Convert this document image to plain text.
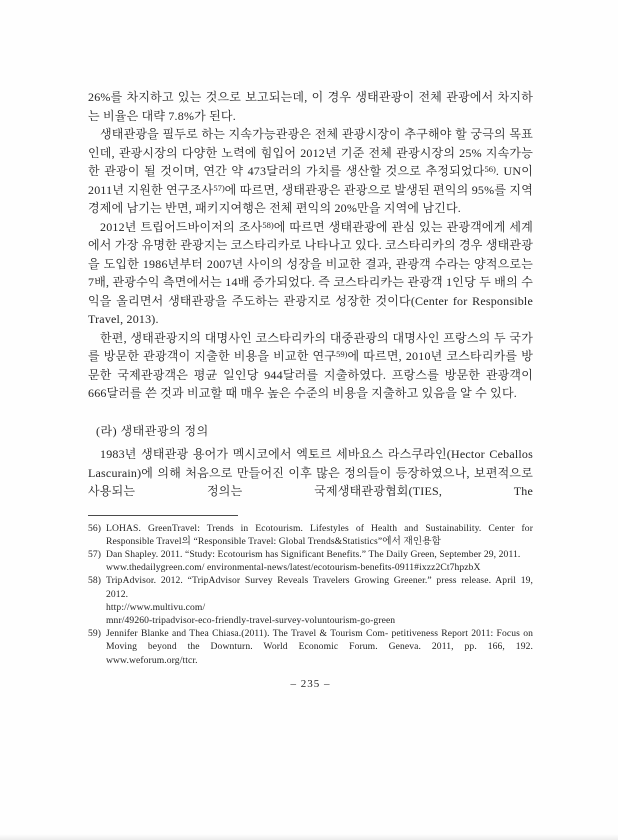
26%를 차지하고 있는 것으로 보고되는데, 이 경우 생태관광이 전체 관광에서 차지하는 비율은 대략 7.8%가 된다.

생태관광을 필두로 하는 지속가능관광은 전체 관광시장이 추구해야 할 궁극의 목표인데, 관광시장의 다양한 노력에 힘입어 2012년 기준 전체 관광시장의 25% 지속가능한 관광이 될 것이며, 연간 약 473달러의 가치를 생산할 것으로 추정되었다$^{56)}$. UN이 2011년 지원한 연구조사$^{57)}$에 따르면, 생태관광은 관광으로 발생된 편익의 95%를 지역경제에 남기는 반면, 패키지여행은 전체 편익의 20%만을 지역에 남긴다.

2012년 트립어드바이저의 조사$^{58)}$에 따르면 생태관광에 관심 있는 관광객에게 세계에서 가장 유명한 관광지는 코스타리카로 나타나고 있다. 코스타리카의 경우 생태관광을 도입한 1986년부터 2007년 사이의 성장을 비교한 결과, 관광객 수라는 양적으로는 7배, 관광수익 측면에서는 14배 증가되었다. 즉 코스타리카는 관광객 1인당 두 배의 수익을 올리면서 생태관광을 주도하는 관광지로 성장한 것이다(Center for Responsible Travel, 2013).

한편, 생태관광지의 대명사인 코스타리카의 대중관광의 대명사인 프랑스의 두 국가를 방문한 관광객이 지출한 비용을 비교한 연구$^{59)}$에 따르면, 2010년 코스타리카를 방문한 국제관광객은 평균 일인당 944달러를 지출하였다. 프랑스를 방문한 관광객이 666달러를 쓴 것과 비교할 때 매우 높은 수준의 비용을 지출하고 있음을 알 수 있다.

(라) 생태관광의 정의

1983년 생태관광 용어가 멕시코에서 엑토르 세바요스 라스쿠라인(Hector Ceballos Lascurain)에 의해 처음으로 만들어진 이후 많은 정의들이 등장하였으나, 보편적으로 사용되는 정의는 국제생태관광협회(TIES, The

56) LOHAS. GreenTravel: Trends in Ecotourism. Lifestyles of Health and Sustainability. Center for Responsible Travel의 “Responsible Travel: Global Trends&Statistics”에서 재인용함
57) Dan Shapley. 2011. “Study: Ecotourism has Significant Benefits.” The Daily Green, September 29, 2011.
www.thedailygreen.com/ environmental-news/latest/ecotourism-benefits-0911#ixzz2Ct7hpzbX
58) TripAdvisor. 2012. “TripAdvisor Survey Reveals Travelers Growing Greener.” press release. April 19, 2012.
http://www.multivu.com/
mnr/49260-tripadvisor-eco-friendly-travel-survey-voluntourism-go-green
59) Jennifer Blanke and Thea Chiasa.(2011). The Travel & Tourism Com- petitiveness Report 2011: Focus on Moving beyond the Downturn. World Economic Forum. Geneva. 2011, pp. 166, 192. www.weforum.org/ttcr.
– 235 –
